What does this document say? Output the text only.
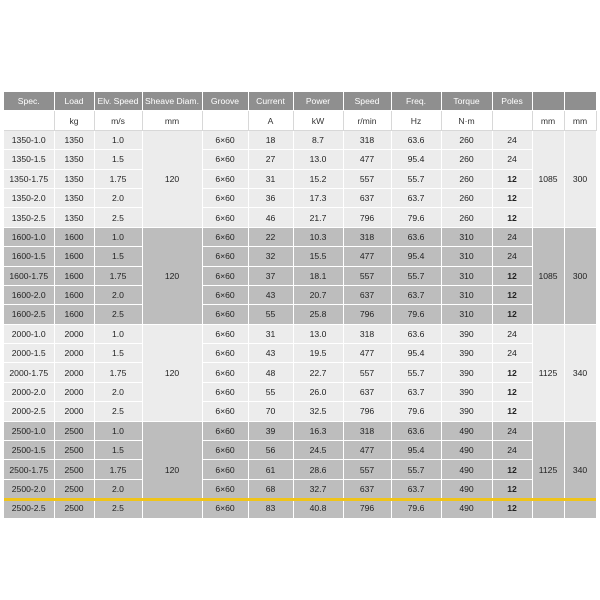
Spec.	Load	Elv. Speed	Sheave Diam.	Groove	Current	Power	Speed	Freq.	Torque	Poles		
	kg	m/s	mm		A	kW	r/min	Hz	N·m		mm	mm
1350-1.0	1350	1.0	120	6×60	18	8.7	318	63.6	260	24	1085	300
1350-1.5	1350	1.5		6×60	27	13.0	477	95.4	260	24		
1350-1.75	1350	1.75		6×60	31	15.2	557	55.7	260	12		
1350-2.0	1350	2.0		6×60	36	17.3	637	63.7	260	12		
1350-2.5	1350	2.5		6×60	46	21.7	796	79.6	260	12		
1600-1.0	1600	1.0	120	6×60	22	10.3	318	63.6	310	24	1085	300
1600-1.5	1600	1.5		6×60	32	15.5	477	95.4	310	24		
1600-1.75	1600	1.75		6×60	37	18.1	557	55.7	310	12		
1600-2.0	1600	2.0		6×60	43	20.7	637	63.7	310	12		
1600-2.5	1600	2.5		6×60	55	25.8	796	79.6	310	12		
2000-1.0	2000	1.0	120	6×60	31	13.0	318	63.6	390	24	1125	340
2000-1.5	2000	1.5		6×60	43	19.5	477	95.4	390	24		
2000-1.75	2000	1.75		6×60	48	22.7	557	55.7	390	12		
2000-2.0	2000	2.0		6×60	55	26.0	637	63.7	390	12		
2000-2.5	2000	2.5		6×60	70	32.5	796	79.6	390	12		
2500-1.0	2500	1.0	120	6×60	39	16.3	318	63.6	490	24	1125	340
2500-1.5	2500	1.5		6×60	56	24.5	477	95.4	490	24		
2500-1.75	2500	1.75		6×60	61	28.6	557	55.7	490	12		
2500-2.0	2500	2.0		6×60	68	32.7	637	63.7	490	12		
2500-2.5	2500	2.5		6×60	83	40.8	796	79.6	490	12		
